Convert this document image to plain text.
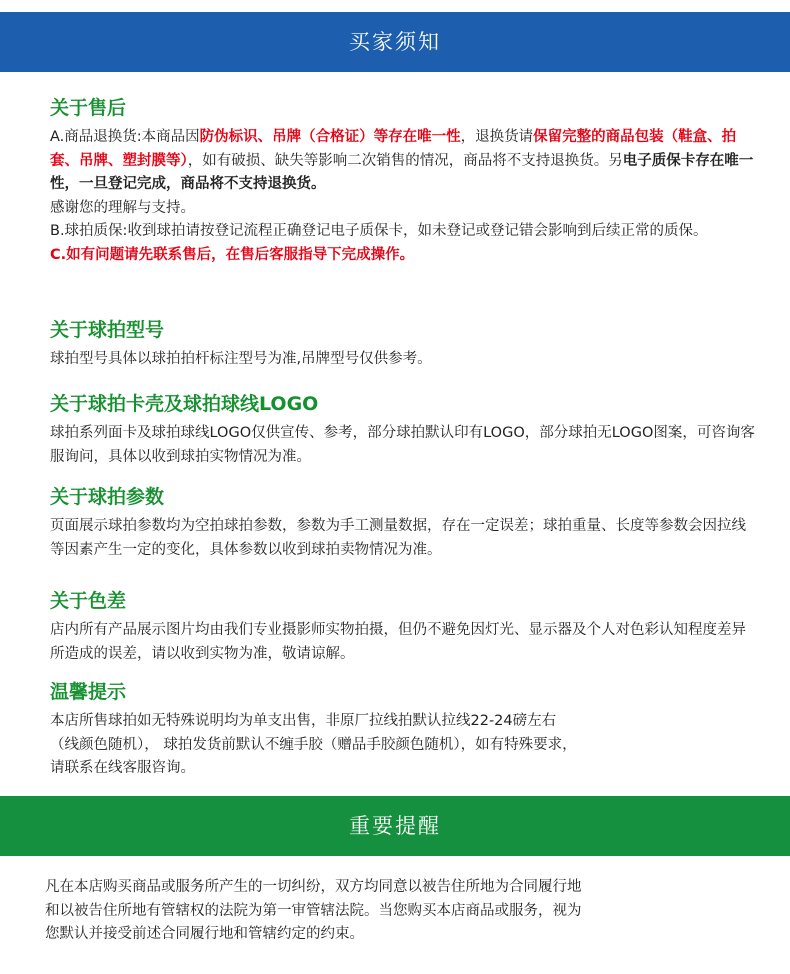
买家须知
关于售后

A.商品退换货:本商品因防伪标识、吊牌（合格证）等存在唯一性，退换货请保留完整的商品包装（鞋盒、拍套、吊牌、塑封膜等），如有破损、缺失等影响二次销售的情况，商品将不支持退换货。另电子质保卡存在唯一性，一旦登记完成，商品将不支持退换货。
感谢您的理解与支持。

B.球拍质保:收到球拍请按登记流程正确登记电子质保卡，如未登记或登记错会影响到后续正常的质保。

C.如有问题请先联系售后，在售后客服指导下完成操作。

关于球拍型号

球拍型号具体以球拍拍杆标注型号为准,吊牌型号仅供参考。

关于球拍卡壳及球拍球线LOGO

球拍系列面卡及球拍球线LOGO仅供宣传、参考，部分球拍默认印有LOGO，部分球拍无LOGO图案，可咨询客服询问，具体以收到球拍实物情况为准。

关于球拍参数

页面展示球拍参数均为空拍球拍参数，参数为手工测量数据，存在一定误差；球拍重量、长度等参数会因拉线等因素产生一定的变化，具体参数以收到球拍卖物情况为准。

关于色差

店内所有产品展示图片均由我们专业摄影师实物拍摄，但仍不避免因灯光、显示器及个人对色彩认知程度差异所造成的误差，请以收到实物为准，敬请谅解。

温馨提示

本店所售球拍如无特殊说明均为单支出售，非原厂拉线拍默认拉线22-24磅左右
（线颜色随机）， 球拍发货前默认不缠手胶（赠品手胶颜色随机），如有特殊要求，
请联系在线客服咨询。

重要提醒
凡在本店购买商品或服务所产生的一切纠纷，双方均同意以被告住所地为合同履行地
和以被告住所地有管辖权的法院为第一审管辖法院。当您购买本店商品或服务，视为
您默认并接受前述合同履行地和管辖约定的约束。
